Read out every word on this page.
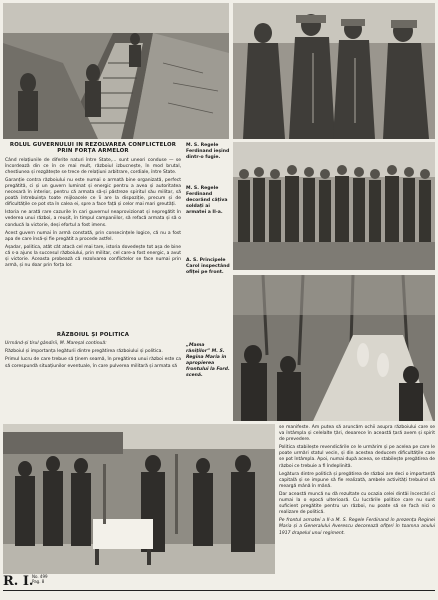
ROLUL GUVERNULUI IN REZOLVAREA CONFLICTELOR PRIN FORȚA ARMELOR

Când relațiunile de diferite naturi între State,... sunt uneori conduse — se încordează din ce în ce mai mult, războiul izbucnește, în mod brutal, chestiunea și rezgătește se trece de relațiuni arbitrare, cordiale, între State.

Garanție contra războiului nu este numai o armată bine organizată, perfect pregătită, ci și un guvern luminat și energic pentru a avea și autoritatea necesară în interior, pentru că armata să-și păstreze spiritul său militar, să poată întrebuința toate mijloacele ce îi are la dispoziție, precum și de dificultățile ce pot sta în calea ei, spre a face față și celor mai mari greutăți.

Istoria ne arată rare cazurile în cari guvernul neaprovizionat și nepregătit în vederea unui război, a reușit, în timpul campaniilor, să refacă armata și să o conducă la victorie, deși efortul a fost imens.

Acest guvern numai în armă constată, prin consecințele logice, că nu a fost apa de care însă-și fie pregătit a procede astfel.

Așadar, politica, atât cât atacă cel mai tare, istoria dovedește tot așa de bine că s-a ajuns la succesul războiului, prin militar, cel care-a fost energic, a avut și victorie. Aceasta probează că rezolvarea conflictelor se face numai prin armă, și nu doar prin forța lor.

M. S. Regele Ferdinand ieșind dintr-o fugie.
M. S. Regele Ferdinand decorând câțiva soldați ai armatei a II-a.
A. S. Principele Carol inspectând ofiței pe front.
„Mama răniților” M. S. Regina Maria în apropierea frontului la Ford. scenă.
RĂZBOIUL ȘI POLITICA

Urmând-și tirul gândirii, M. Mareșal continuă:

Războiul și importanța legăturii dintre pregătirea războiului și politica.

Primul lucru de care trebue să ținem seamă, în pregătirea unui război este ca să corespundă situațiunilor eventuale, în care pulverea militară și armata să

se manifeste. Am putea să aruncăm ochii asupra războiului care se va întâmpla și celelalte țări, deoarece în această țară avem și spirit de prevedere.

Politica stabilește revendicările ce le urmărim și pe acelea pe care le poate urmări statul vecin, și din acestea deducem dificultățile care se pot întâmpla. Apoi, numai după aceea, se stabilește pregătirea de război ce trebuie a fi îndeplinită.

Legătura dintre politică și pregătirea de război are deci o importanță capitală și se impune să fie realizată, ambele activități trebuind să meargă mână în mână.

Dar această muncă nu dă rezultate cu ocazia celei dintâi încercări ci numai la o epocă ulterioară. Cu lucrările politice care nu sunt suficient pregătite pentru un război, nu poate să se facă nici o realizare de politică.

Pe frontul armatei a II-a M. S. Regele Ferdinand în prezența Reginei Maria și a Generalului Averescu decorează ofițeri în toamna anului 1917 drapelul unui regiment.

R. I.
No. 499
Pag. 8
